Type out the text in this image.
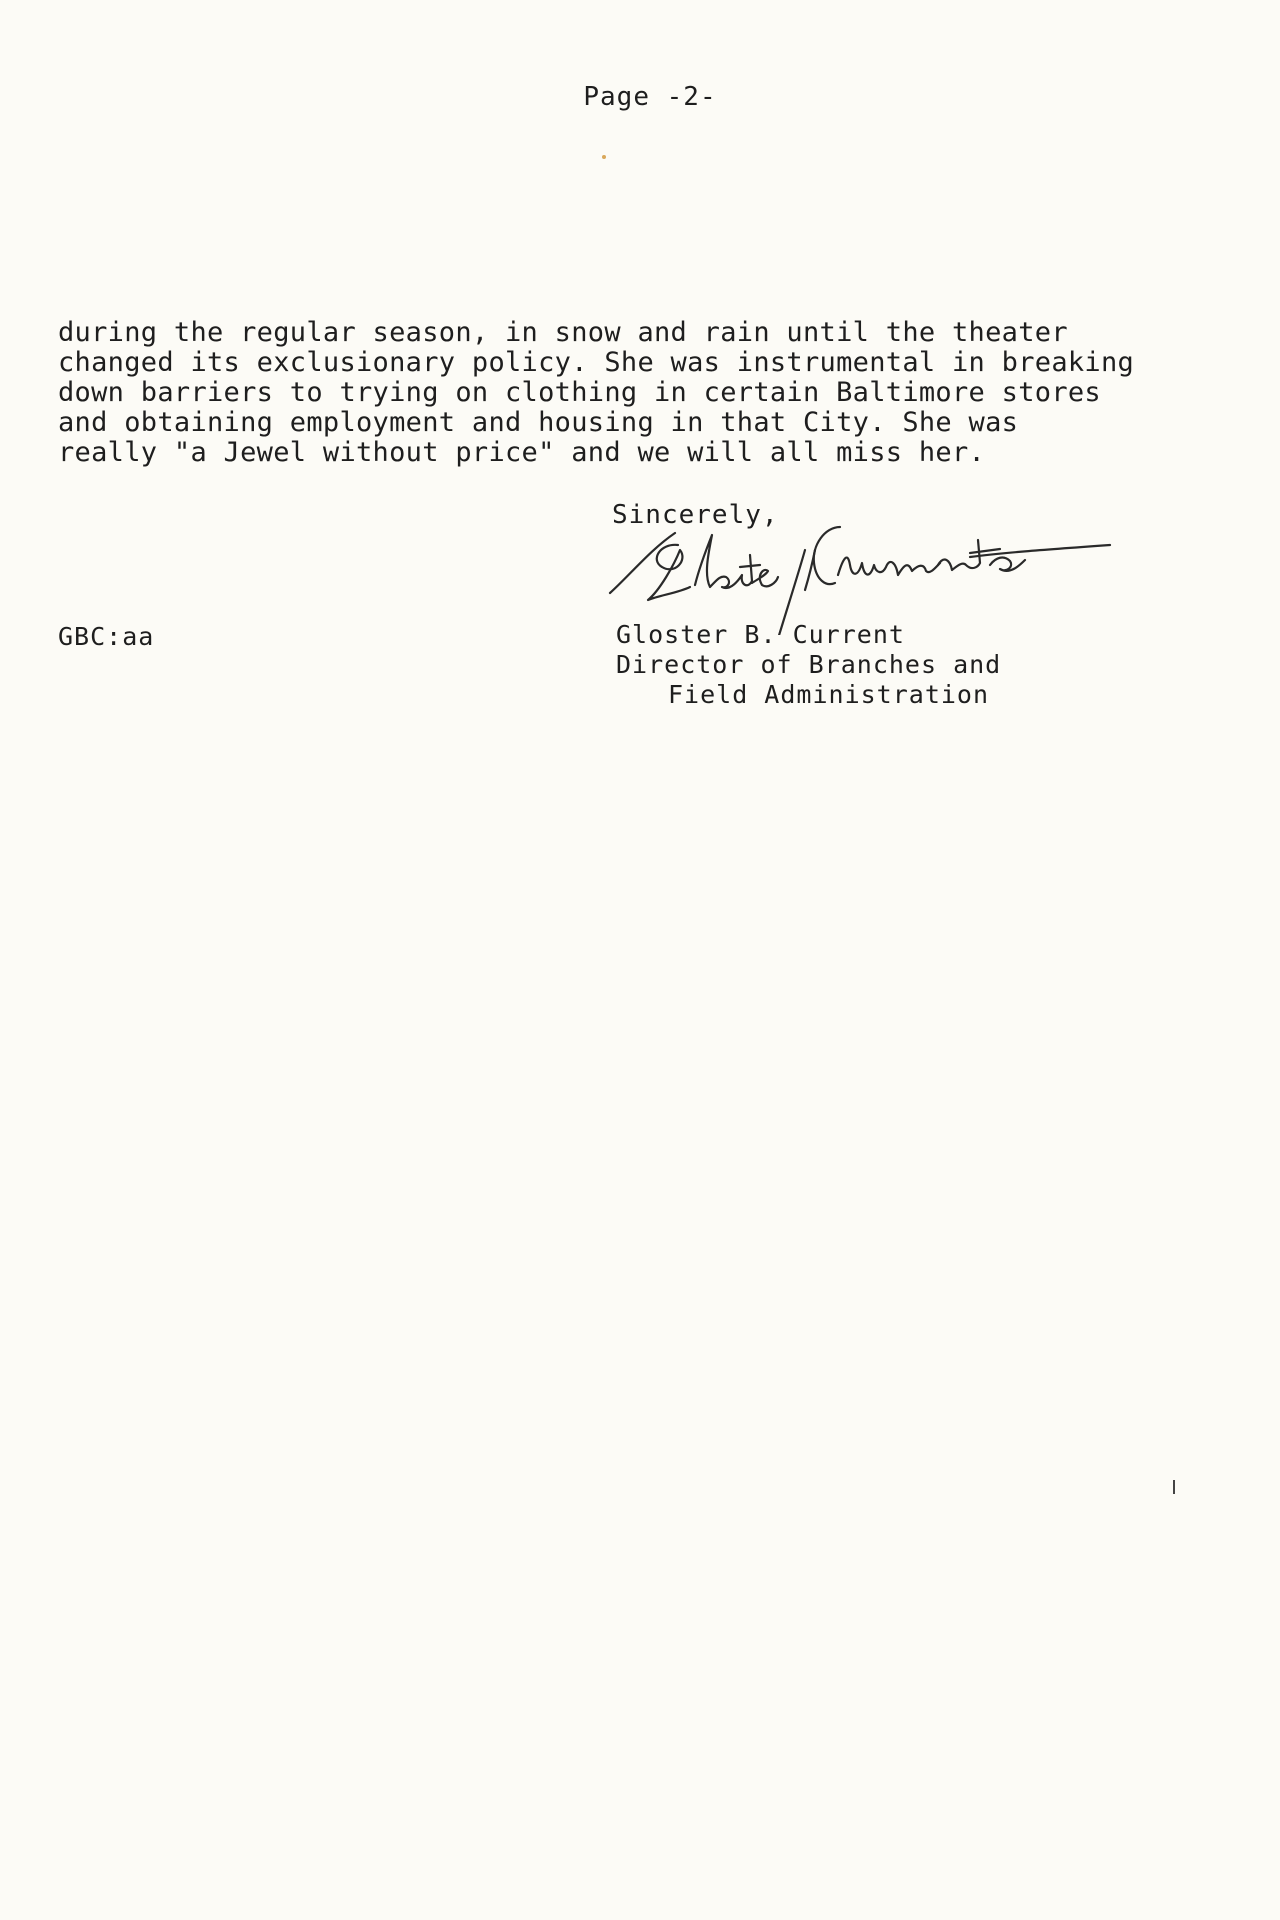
Page -2-
during the regular season, in snow and rain until the theater
changed its exclusionary policy. She was instrumental in breaking
down barriers to trying on clothing in certain Baltimore stores
and obtaining employment and housing in that City. She was
really "a Jewel without price" and we will all miss her.
Sincerely,
GBC:aa	Gloster B. Current
Director of Branches and
Field Administration
